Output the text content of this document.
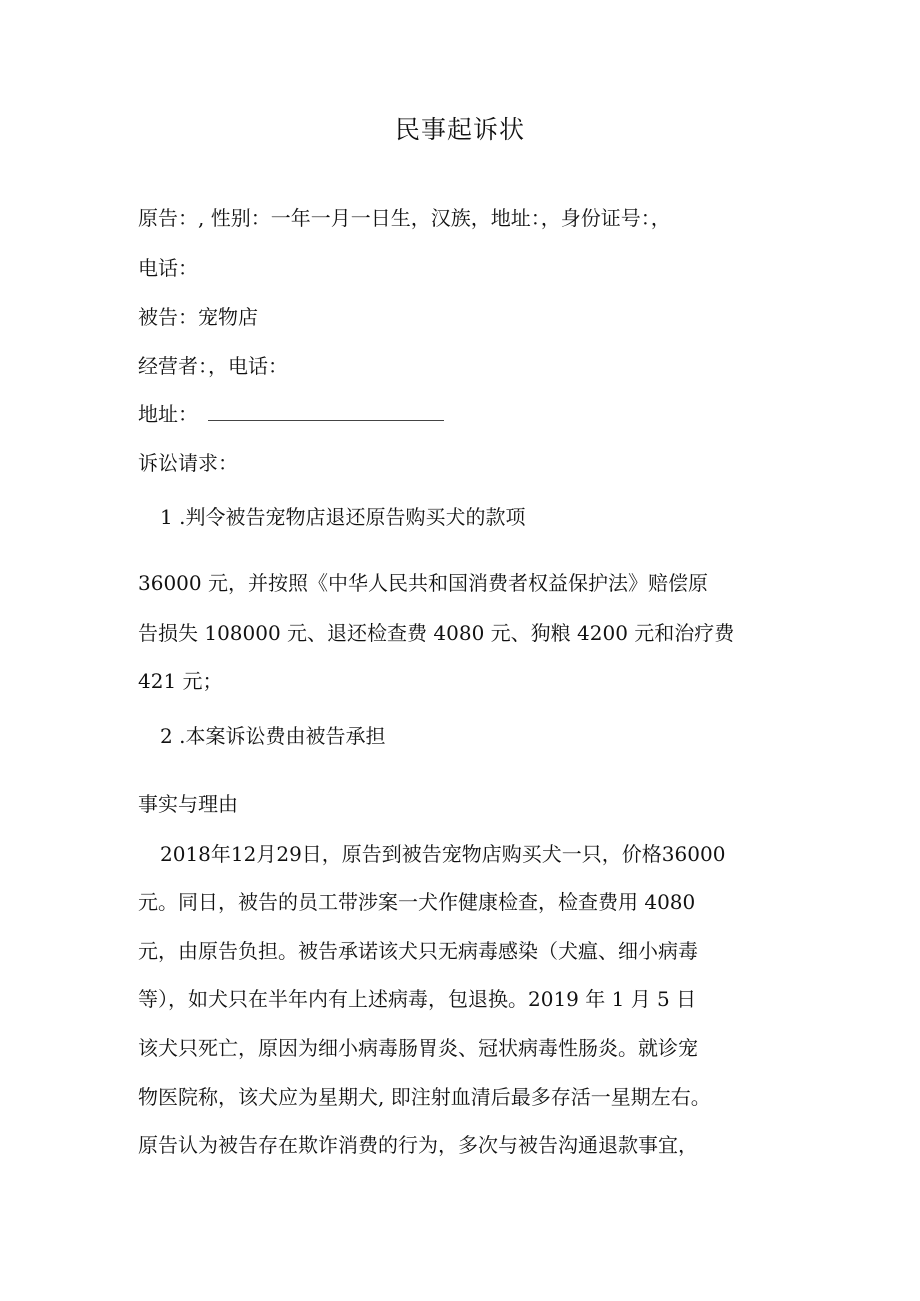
民事起诉状
原告：, 性别：一年一月一日生，汉族，地址：，身份证号：，
电话：
被告：宠物店
经营者：，电话：
地址：
诉讼请求：
1 .判令被告宠物店退还原告购买犬的款项
36000 元，并按照《中华人民共和国消费者权益保护法》赔偿原
告损失 108000 元、退还检查费 4080 元、狗粮 4200 元和治疗费
421 元；
2 .本案诉讼费由被告承担
事实与理由
2018年12月29日，原告到被告宠物店购买犬一只，价格36000
元。同日，被告的员工带涉案一犬作健康检查，检查费用 4080
元，由原告负担。被告承诺该犬只无病毒感染（犬瘟、细小病毒
等），如犬只在半年内有上述病毒，包退换。2019 年 1 月 5 日
该犬只死亡，原因为细小病毒肠胃炎、冠状病毒性肠炎。就诊宠
物医院称，该犬应为星期犬, 即注射血清后最多存活一星期左右。
原告认为被告存在欺诈消费的行为，多次与被告沟通退款事宜，
